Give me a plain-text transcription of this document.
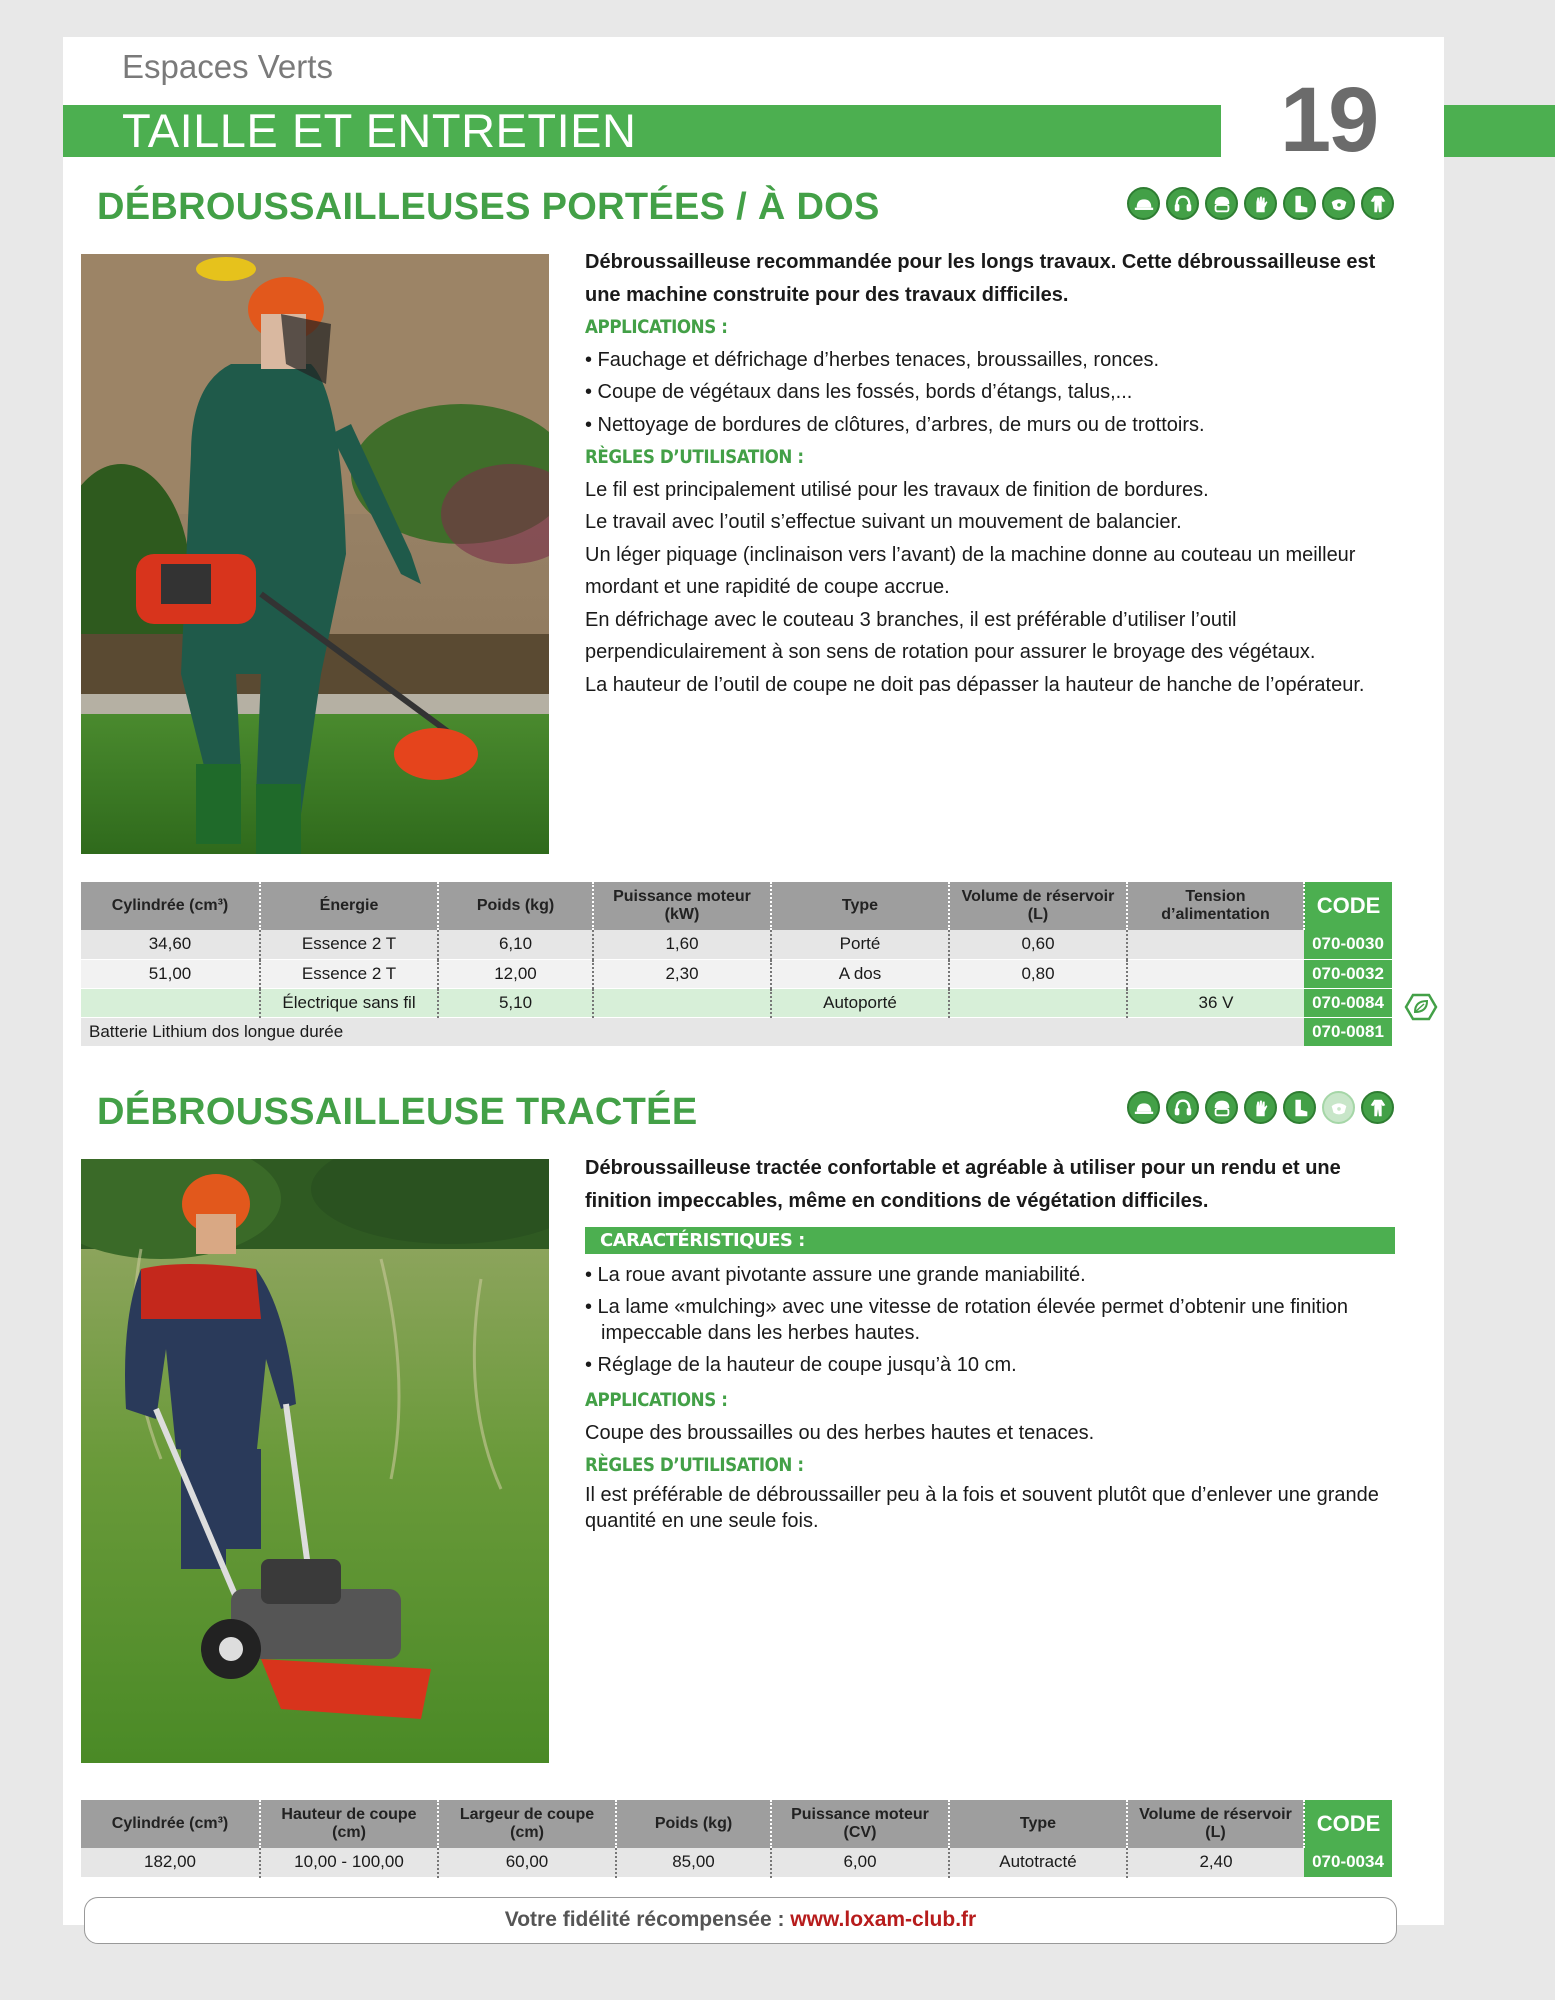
Espaces Verts
TAILLE ET ENTRETIEN	19
DÉBROUSSAILLEUSES PORTÉES / À DOS

Débroussailleuse recommandée pour les longs travaux. Cette débroussailleuse est une machine construite pour des travaux difficiles.

APPLICATIONS :

• Fauchage et défrichage d’herbes tenaces, broussailles, ronces.

• Coupe de végétaux dans les fossés, bords d’étangs, talus,...

• Nettoyage de bordures de clôtures, d’arbres, de murs ou de trottoirs.

RÈGLES D’UTILISATION :

Le fil est principalement utilisé pour les travaux de finition de bordures.

Le travail avec l’outil s’effectue suivant un mouvement de balancier.

Un léger piquage (inclinaison vers l’avant) de la machine donne au couteau un meilleur mordant et une rapidité de coupe accrue.

En défrichage avec le couteau 3 branches, il est préférable d’utiliser l’outil perpendiculairement à son sens de rotation pour assurer le broyage des végétaux.

La hauteur de l’outil de coupe ne doit pas dépasser la hauteur de hanche de l’opérateur.

Cylindrée (cm³)	Énergie	Poids (kg)	Puissance moteur (kW)	Type	Volume de réservoir (L)	Tension d’alimentation	CODE
34,60	Essence 2 T	6,10	1,60	Porté	0,60		070-0030
51,00	Essence 2 T	12,00	2,30	A dos	0,80		070-0032
	Électrique sans fil	5,10		Autoporté		36 V	070-0084
Batterie Lithium dos longue durée							070-0081
DÉBROUSSAILLEUSE TRACTÉE

Débroussailleuse tractée confortable et agréable à utiliser pour un rendu et une finition impeccables, même en conditions de végétation difficiles.

CARACTÉRISTIQUES :

• La roue avant pivotante assure une grande maniabilité.

• La lame «mulching» avec une vitesse de rotation élevée permet d’obtenir une finition impeccable dans les herbes hautes.

• Réglage de la hauteur de coupe jusqu’à 10 cm.

APPLICATIONS :

Coupe des broussailles ou des herbes hautes et tenaces.

RÈGLES D’UTILISATION :

Il est préférable de débroussailler peu à la fois et souvent plutôt que d’enlever une grande quantité en une seule fois.

Cylindrée (cm³)	Hauteur de coupe (cm)	Largeur de coupe (cm)	Poids (kg)	Puissance moteur (CV)	Type	Volume de réservoir (L)	CODE
182,00	10,00 - 100,00	60,00	85,00	6,00	Autotracté	2,40	070-0034
Votre fidélité récompensée : www.loxam-club.fr
